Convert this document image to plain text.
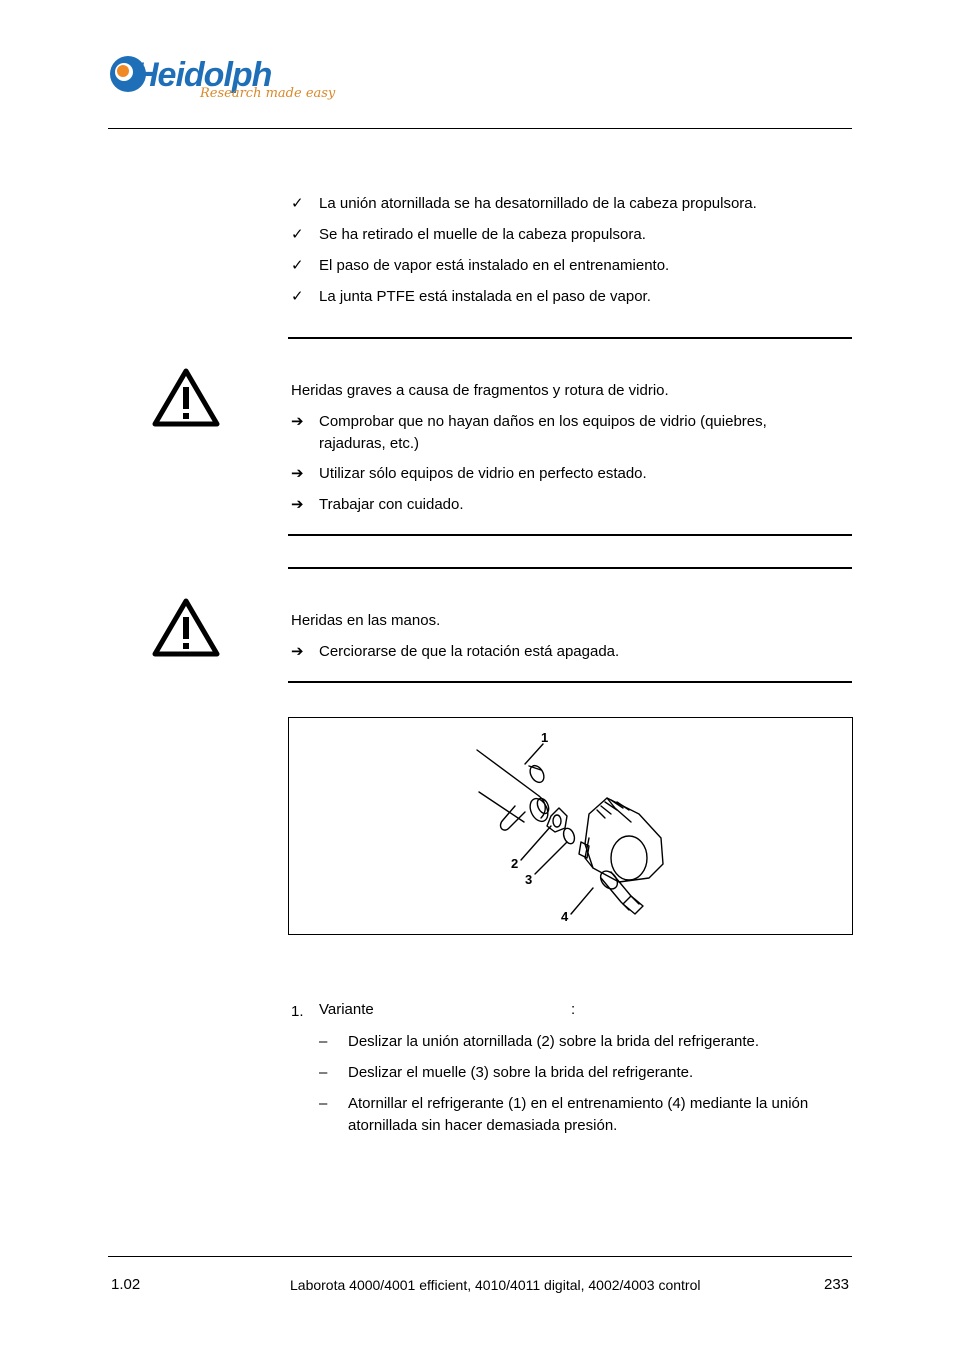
Heidolph
Research made easy
✓	La unión atornillada se ha desatornillado de la cabeza propulsora.
✓	Se ha retirado el muelle de la cabeza propulsora.
✓	El paso de vapor está instalado en el entrenamiento.
✓	La junta PTFE está instalada en el paso de vapor.
Heridas graves a causa de fragmentos y rotura de vidrio.
➔	Comprobar que no hayan daños en los equipos de vidrio (quiebres, rajaduras, etc.)
➔	Utilizar sólo equipos de vidrio en perfecto estado.
➔	Trabajar con cuidado.
Heridas en las manos.
➔	Cerciorarse de que la rotación está apagada.
1
2
3
4
1. Variante	:
–	Deslizar la unión atornillada (2) sobre la brida del refrigerante.
–	Deslizar el muelle (3) sobre la brida del refrigerante.
–	Atornillar el refrigerante (1) en el entrenamiento (4) mediante la unión atornillada sin hacer demasiada presión.
1.02	Laborota 4000/4001 efficient, 4010/4011 digital, 4002/4003 control	233
